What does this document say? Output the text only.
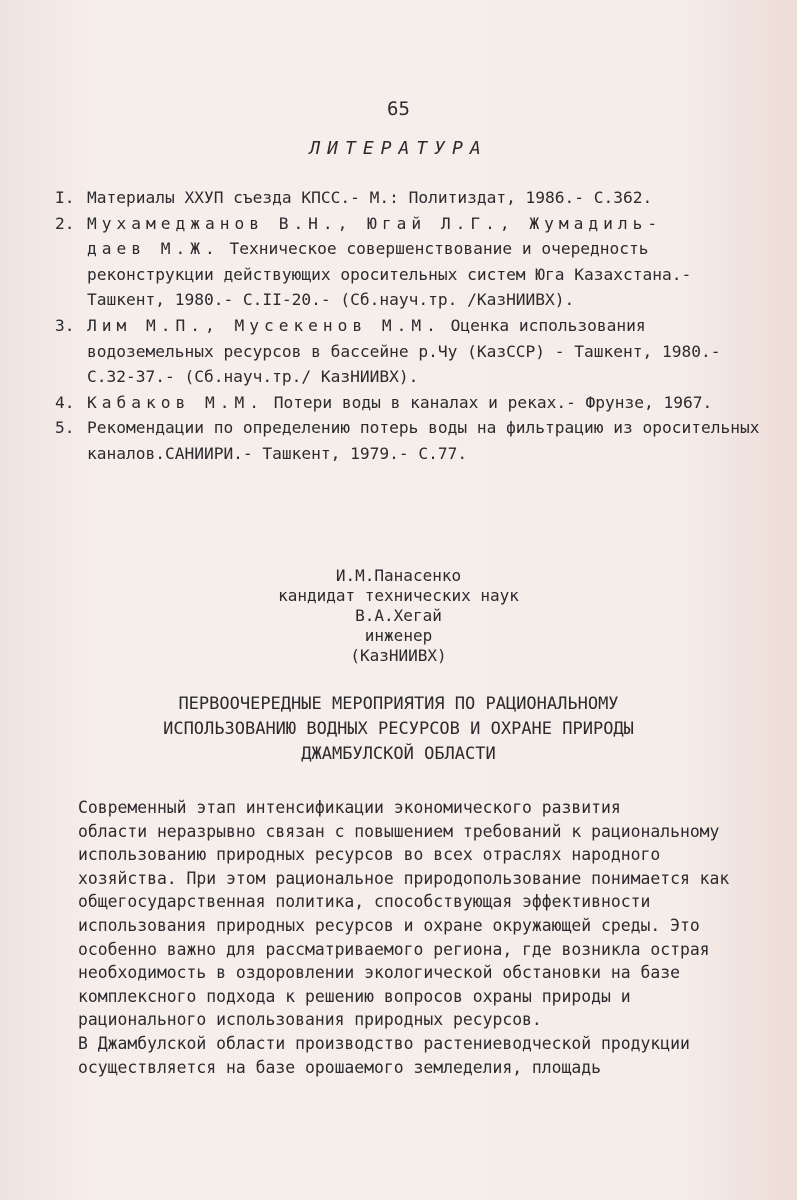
65
ЛИТЕРАТУРА
I. Материалы ХХУП съезда КПСС.- М.: Политиздат, 1986.- С.362.
2. Мухамеджанов В.Н., Югай Л.Г., Жумадиль-
даев М.Ж. Техническое совершенствование и очередность реконструкции действующих оросительных систем Юга Казахстана.- Ташкент, 1980.- С.II-20.- (Сб.науч.тр. /КазНИИВХ).
3. Лим М.П., Мусекенов М.М. Оценка использования водоземельных ресурсов в бассейне р.Чу (КазССР) - Ташкент, 1980.- С.32-37.- (Сб.науч.тр./ КазНИИВХ).
4. Кабаков М.М. Потери воды в каналах и реках.- Фрунзе, 1967.
5. Рекомендации по определению потерь воды на фильтрацию из оросительных каналов.САНИИРИ.- Ташкент, 1979.- С.77.
И.М.Панасенко
кандидат технических наук
В.А.Хегай
инженер
(КазНИИВХ)
ПЕРВООЧЕРЕДНЫЕ МЕРОПРИЯТИЯ ПО РАЦИОНАЛЬНОМУ
ИСПОЛЬЗОВАНИЮ ВОДНЫХ РЕСУРСОВ И ОХРАНЕ ПРИРОДЫ
ДЖАМБУЛСКОЙ ОБЛАСТИ

Современный этап интенсификации экономического развития
области неразрывно связан с повышением требований к рациональному использованию природных ресурсов во всех отраслях народного хозяйства. При этом рациональное природопользование понимается как общегосударственная политика, способствующая эффективности использования природных ресурсов и охране окружающей среды. Это особенно важно для рассматриваемого региона, где возникла острая необходимость в оздоровлении экологической обстановки на базе комплексного подхода к решению вопросов охраны природы и рационального использования природных ресурсов.

В Джамбулской области производство растениеводческой продукции осуществляется на базе орошаемого земледелия, площадь
